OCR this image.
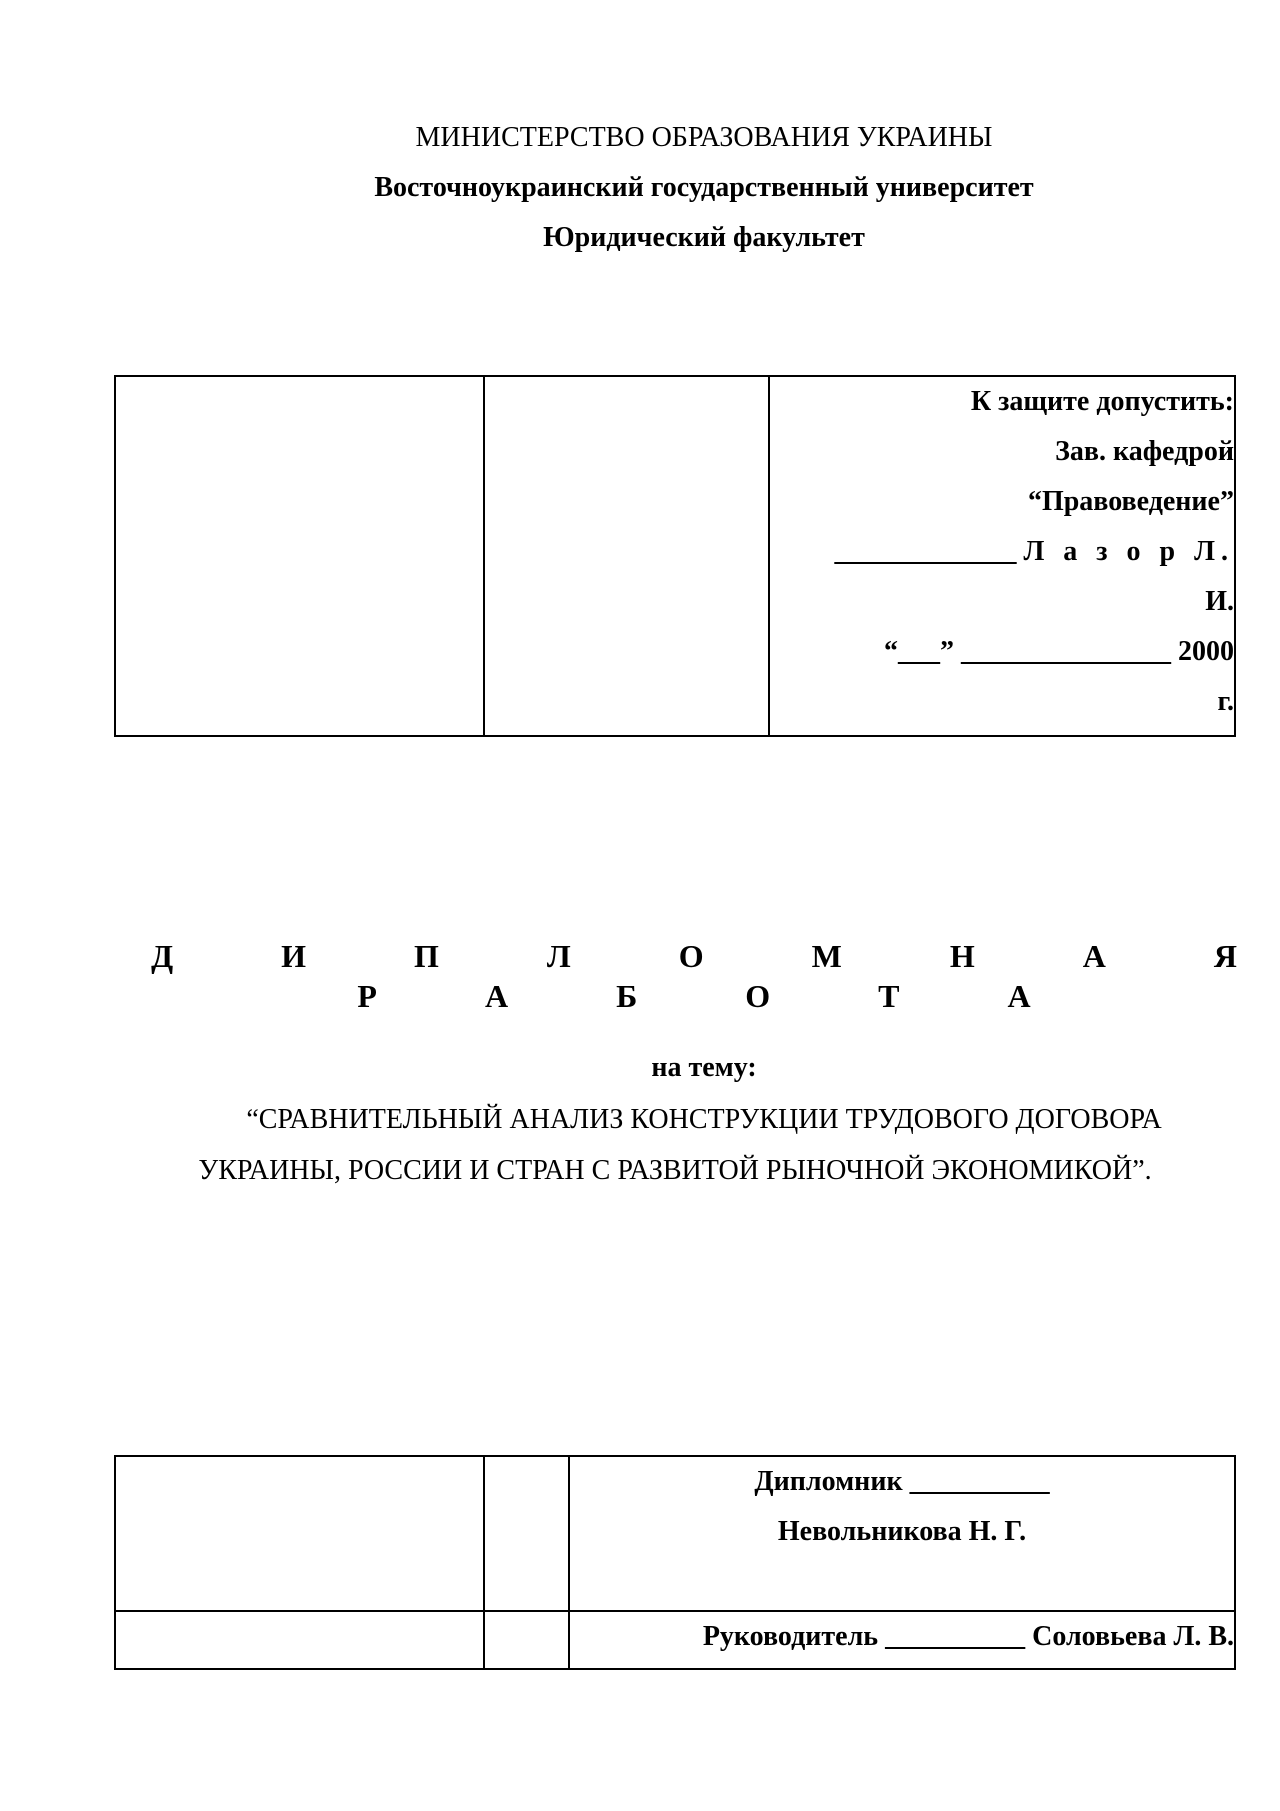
МИНИСТЕРСТВО ОБРАЗОВАНИЯ УКРАИНЫ
Восточноукраинский государственный университет
Юридический факультет

К защите допустить:
Зав. кафедрой
“Правоведение”
_____________ Л а з о р Л.
И.
“___” _______________ 2000
г.
Д И П Л О М Н А Я Р А Б О Т А
на тему:
“СРАВНИТЕЛЬНЫЙ АНАЛИЗ КОНСТРУКЦИИ ТРУДОВОГО ДОГОВОРА УКРАИНЫ, РОССИИ И СТРАН С РАЗВИТОЙ РЫНОЧНОЙ ЭКОНОМИКОЙ”.

		Дипломник __________
Невольникова Н. Г.

		Руководитель __________ Соловьева Л. В.
